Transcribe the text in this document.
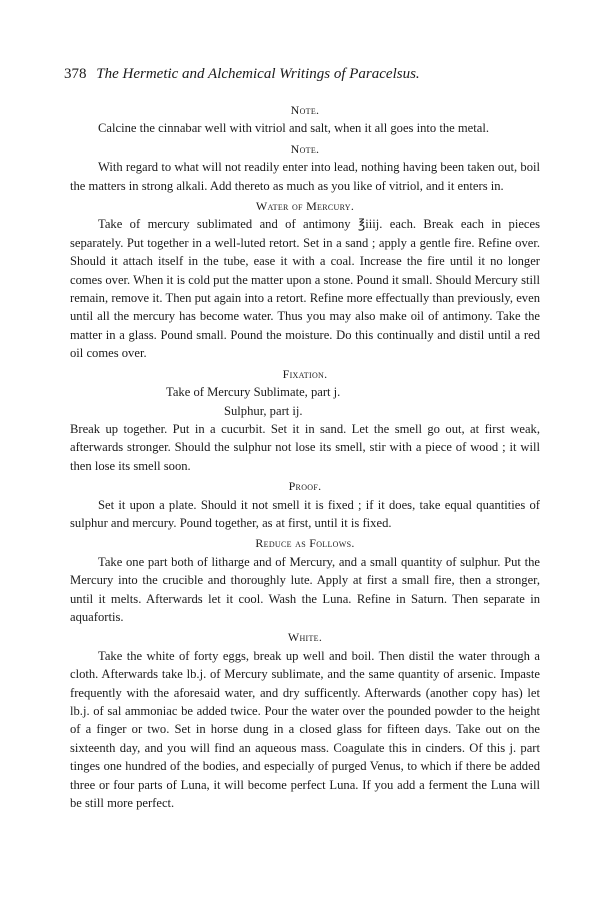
378 The Hermetic and Alchemical Writings of Paracelsus.
Note.

Calcine the cinnabar well with vitriol and salt, when it all goes into the metal.

Note.

With regard to what will not readily enter into lead, nothing having been taken out, boil the matters in strong alkali. Add thereto as much as you like of vitriol, and it enters in.

Water of Mercury.

Take of mercury sublimated and of antimony ℥iiij. each. Break each in pieces separately. Put together in a well-luted retort. Set in a sand ; apply a gentle fire. Refine over. Should it attach itself in the tube, ease it with a coal. Increase the fire until it no longer comes over. When it is cold put the matter upon a stone. Pound it small. Should Mercury still remain, remove it. Then put again into a retort. Refine more effectually than previously, even until all the mercury has become water. Thus you may also make oil of antimony. Take the matter in a glass. Pound small. Pound the moisture. Do this continually and distil until a red oil comes over.

Fixation.
Take of Mercury Sublimate, part j.
Sulphur, part ij.

Break up together. Put in a cucurbit. Set it in sand. Let the smell go out, at first weak, afterwards stronger. Should the sulphur not lose its smell, stir with a piece of wood ; it will then lose its smell soon.

Proof.

Set it upon a plate. Should it not smell it is fixed ; if it does, take equal quantities of sulphur and mercury. Pound together, as at first, until it is fixed.

Reduce as Follows.

Take one part both of litharge and of Mercury, and a small quantity of sulphur. Put the Mercury into the crucible and thoroughly lute. Apply at first a small fire, then a stronger, until it melts. Afterwards let it cool. Wash the Luna. Refine in Saturn. Then separate in aquafortis.

White.

Take the white of forty eggs, break up well and boil. Then distil the water through a cloth. Afterwards take lb.j. of Mercury sublimate, and the same quantity of arsenic. Impaste frequently with the aforesaid water, and dry sufficently. Afterwards (another copy has) let lb.j. of sal ammoniac be added twice. Pour the water over the pounded powder to the height of a finger or two. Set in horse dung in a closed glass for fifteen days. Take out on the sixteenth day, and you will find an aqueous mass. Coagulate this in cinders. Of this j. part tinges one hundred of the bodies, and especially of purged Venus, to which if there be added three or four parts of Luna, it will become perfect Luna. If you add a ferment the Luna will be still more perfect.
